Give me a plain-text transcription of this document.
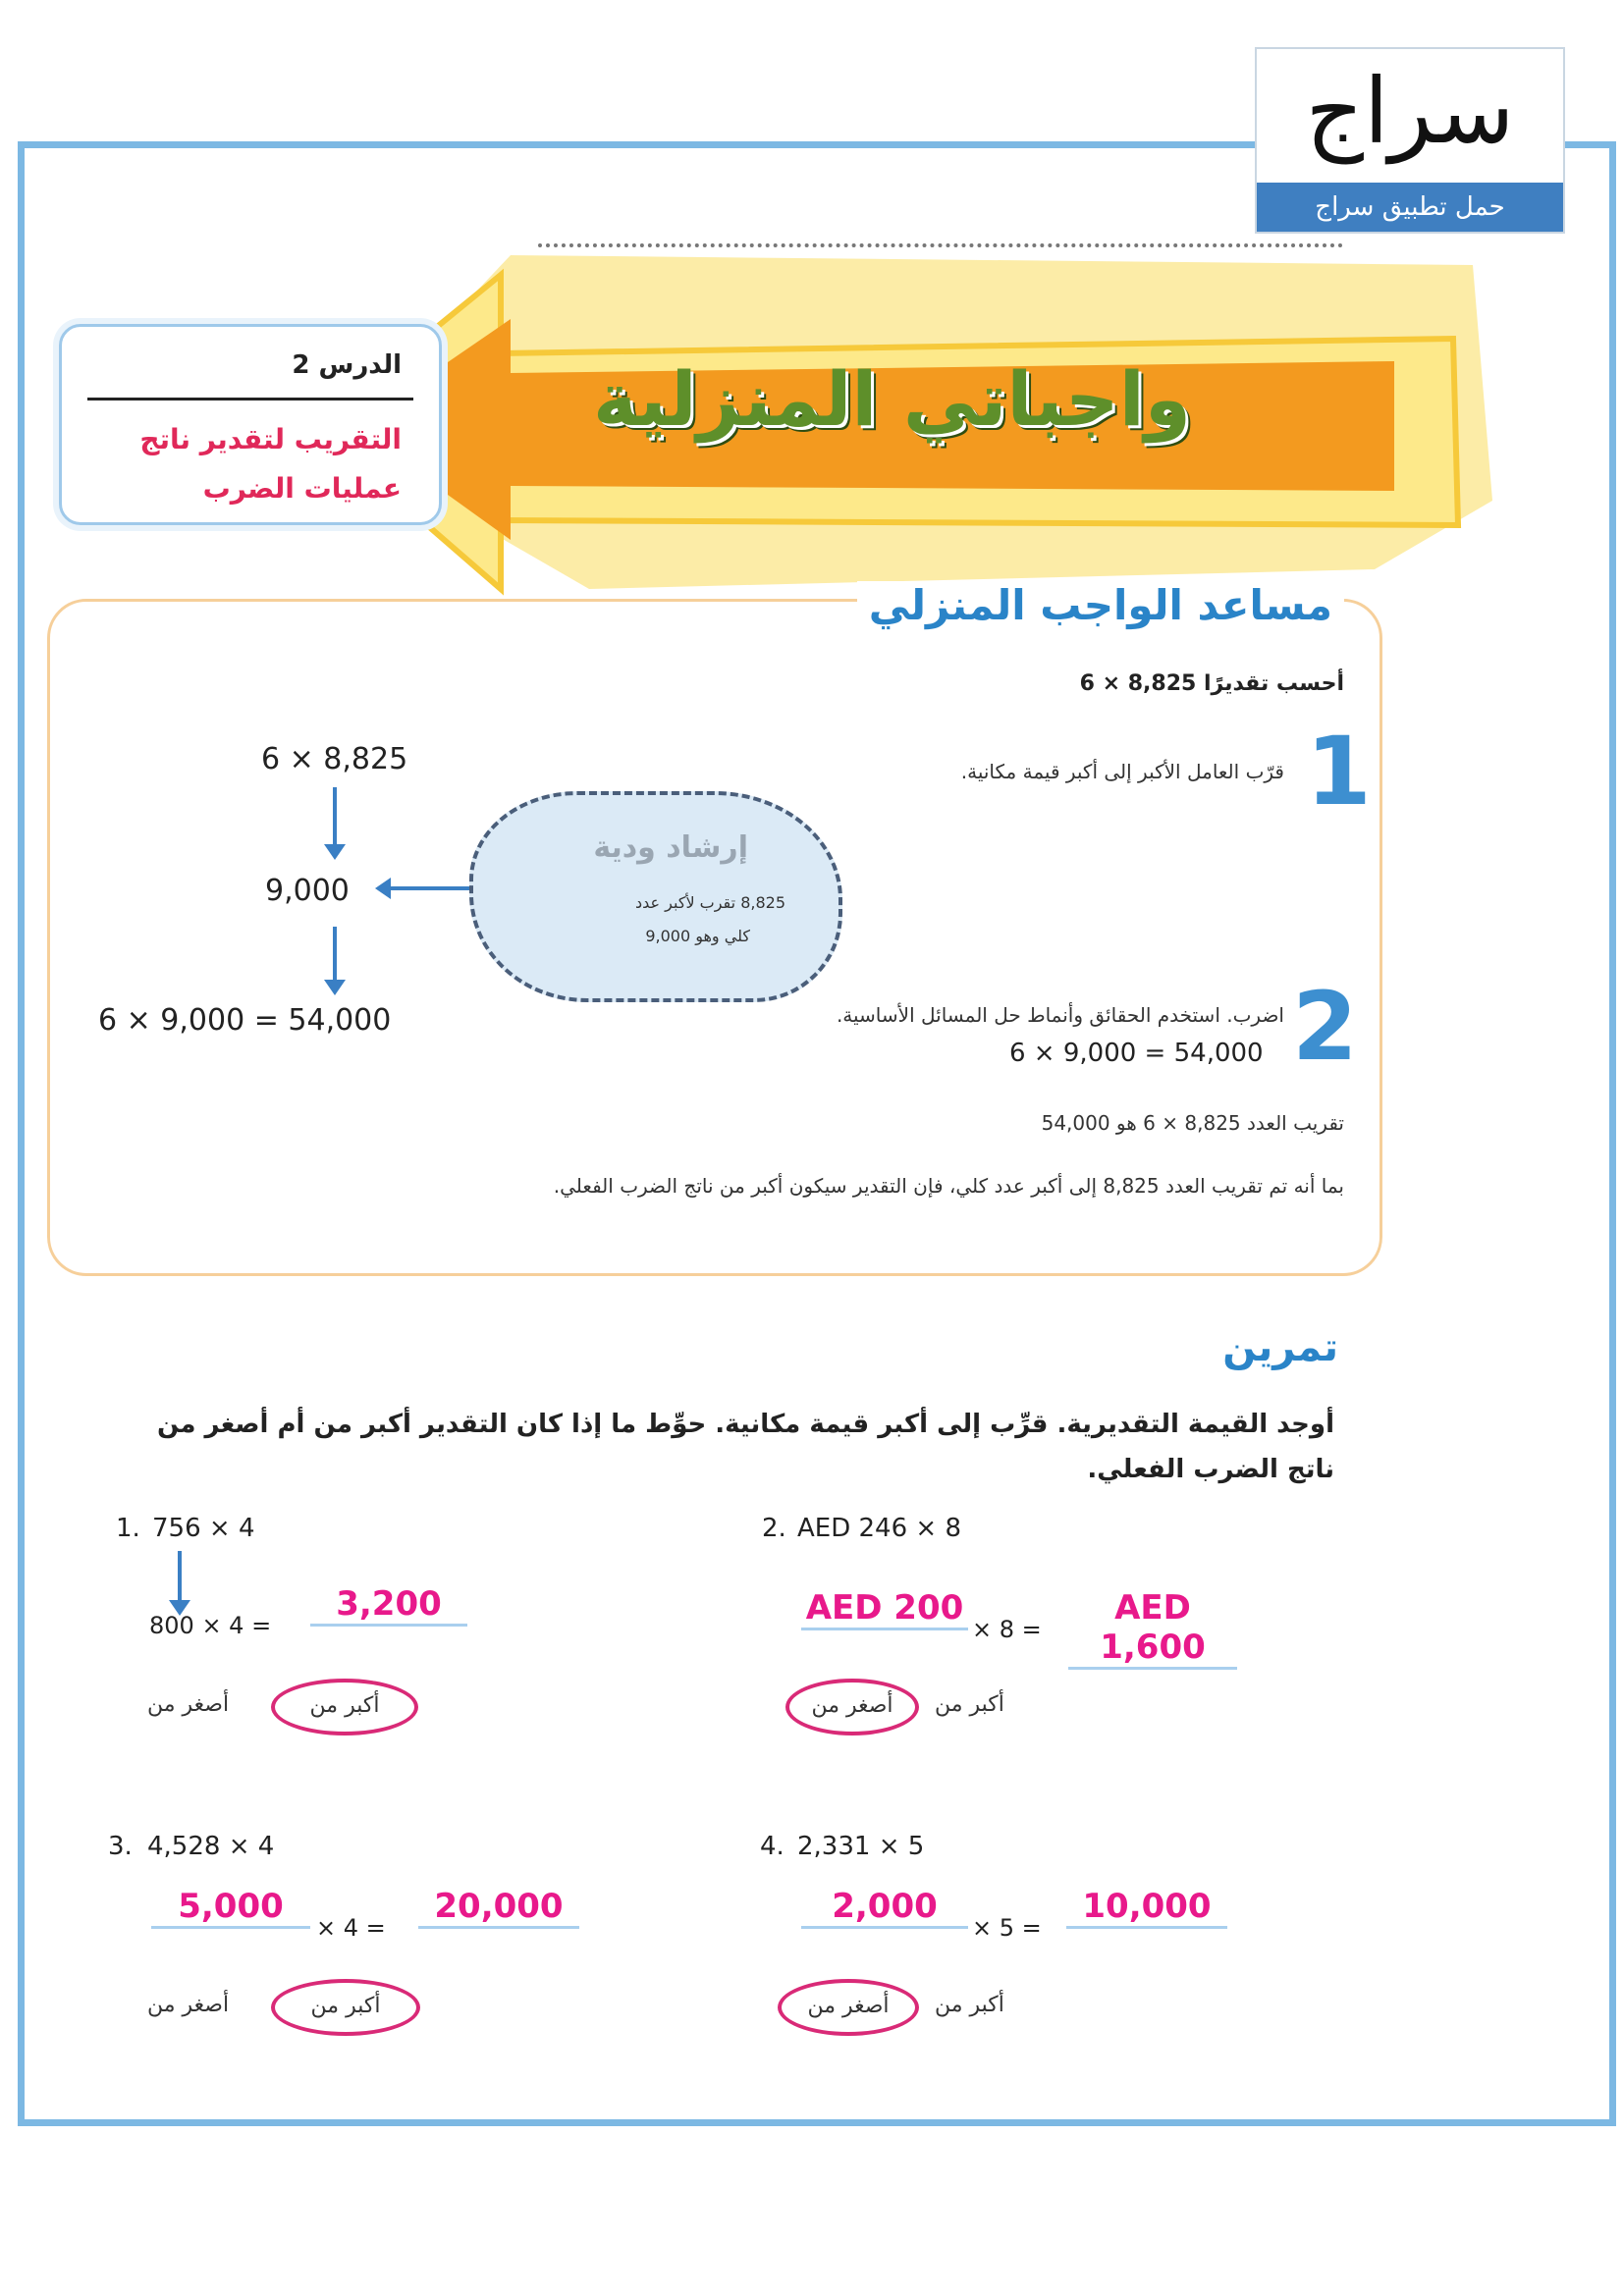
سراج
حمل تطبيق سراج
واجباتي المنزلية
الدرس 2
التقريب لتقدير ناتج
عمليات الضرب
مساعد الواجب المنزلي
أحسب تقديرًا 8,825 × 6
1
قرّب العامل الأكبر إلى أكبر قيمة مكانية.
2
اضرب. استخدم الحقائق وأنماط حل المسائل الأساسية.
6 × 9,000 = 54,000
تقريب العدد 8,825 × 6 هو 54,000
بما أنه تم تقريب العدد 8,825 إلى أكبر عدد كلي، فإن التقدير سيكون أكبر من ناتج الضرب الفعلي.
6 × 8,825
9,000
6 × 9,000 = 54,000
إرشاد ودية
8,825 تقرب لأكبر عدد
كلي وهو 9,000
تمرين
أوجد القيمة التقديرية. قرِّب إلى أكبر قيمة مكانية. حوِّط ما إذا كان التقدير أكبر من أم أصغر من
ناتج الضرب الفعلي.
1. 756 × 4
800 × 4 =
3,200
أكبر من
أصغر من
2. AED 246 × 8
AED 200
× 8 =
AED 1,600
أصغر من	أكبر من
3. 4,528 × 4
5,000
× 4 =
20,000
أكبر من
أصغر من
4. 2,331 × 5
2,000
× 5 =
10,000
أصغر من	أكبر من
